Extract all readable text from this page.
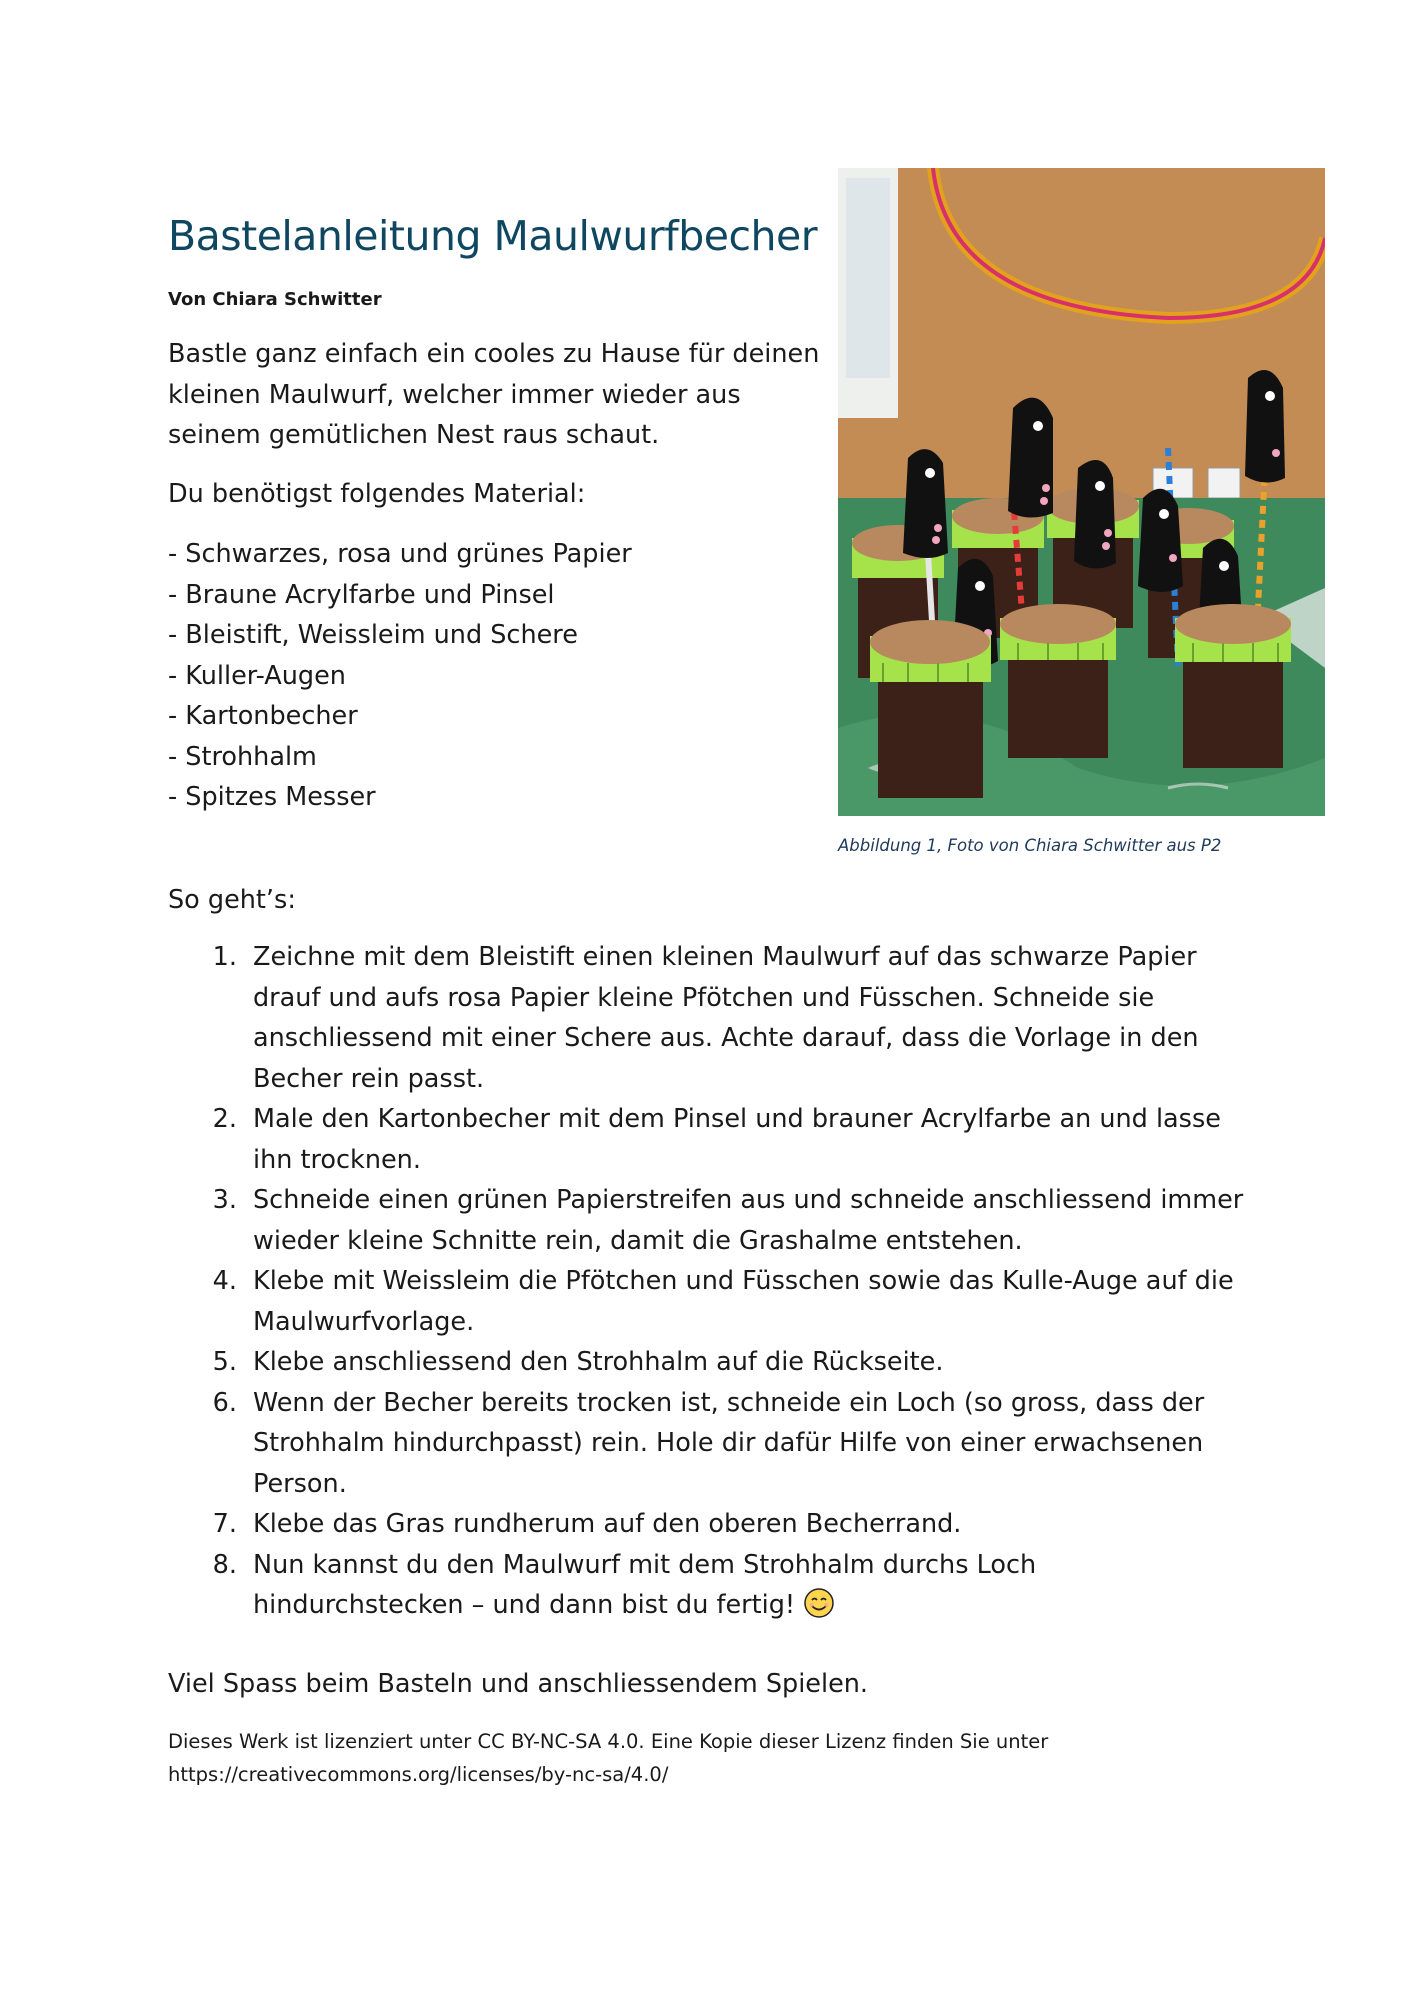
Bastelanleitung Maulwurfbecher
Von Chiara Schwitter
Bastle ganz einfach ein cooles zu Hause für deinen kleinen Maulwurf, welcher immer wieder aus seinem gemütlichen Nest raus schaut.
Du benötigst folgendes Material:
- Schwarzes, rosa und grünes Papier
- Braune Acrylfarbe und Pinsel
- Bleistift, Weissleim und Schere
- Kuller-Augen
- Kartonbecher
- Strohhalm
- Spitzes Messer
Abbildung 1, Foto von Chiara Schwitter aus P2
So geht’s:
1. Zeichne mit dem Bleistift einen kleinen Maulwurf auf das schwarze Papier drauf und aufs rosa Papier kleine Pfötchen und Füsschen. Schneide sie anschliessend mit einer Schere aus. Achte darauf, dass die Vorlage in den Becher rein passt.
2. Male den Kartonbecher mit dem Pinsel und brauner Acrylfarbe an und lasse ihn trocknen.
3. Schneide einen grünen Papierstreifen aus und schneide anschliessend immer wieder kleine Schnitte rein, damit die Grashalme entstehen.
4. Klebe mit Weissleim die Pfötchen und Füsschen sowie das Kulle-Auge auf die Maulwurfvorlage.
5. Klebe anschliessend den Strohhalm auf die Rückseite.
6. Wenn der Becher bereits trocken ist, schneide ein Loch (so gross, dass der Strohhalm hindurchpasst) rein. Hole dir dafür Hilfe von einer erwachsenen Person.
7. Klebe das Gras rundherum auf den oberen Becherrand.
8. Nun kannst du den Maulwurf mit dem Strohhalm durchs Loch hindurchstecken – und dann bist du fertig!
Viel Spass beim Basteln und anschliessendem Spielen.
Dieses Werk ist lizenziert unter CC BY-NC-SA 4.0. Eine Kopie dieser Lizenz finden Sie unter https://creativecommons.org/licenses/by-nc-sa/4.0/
